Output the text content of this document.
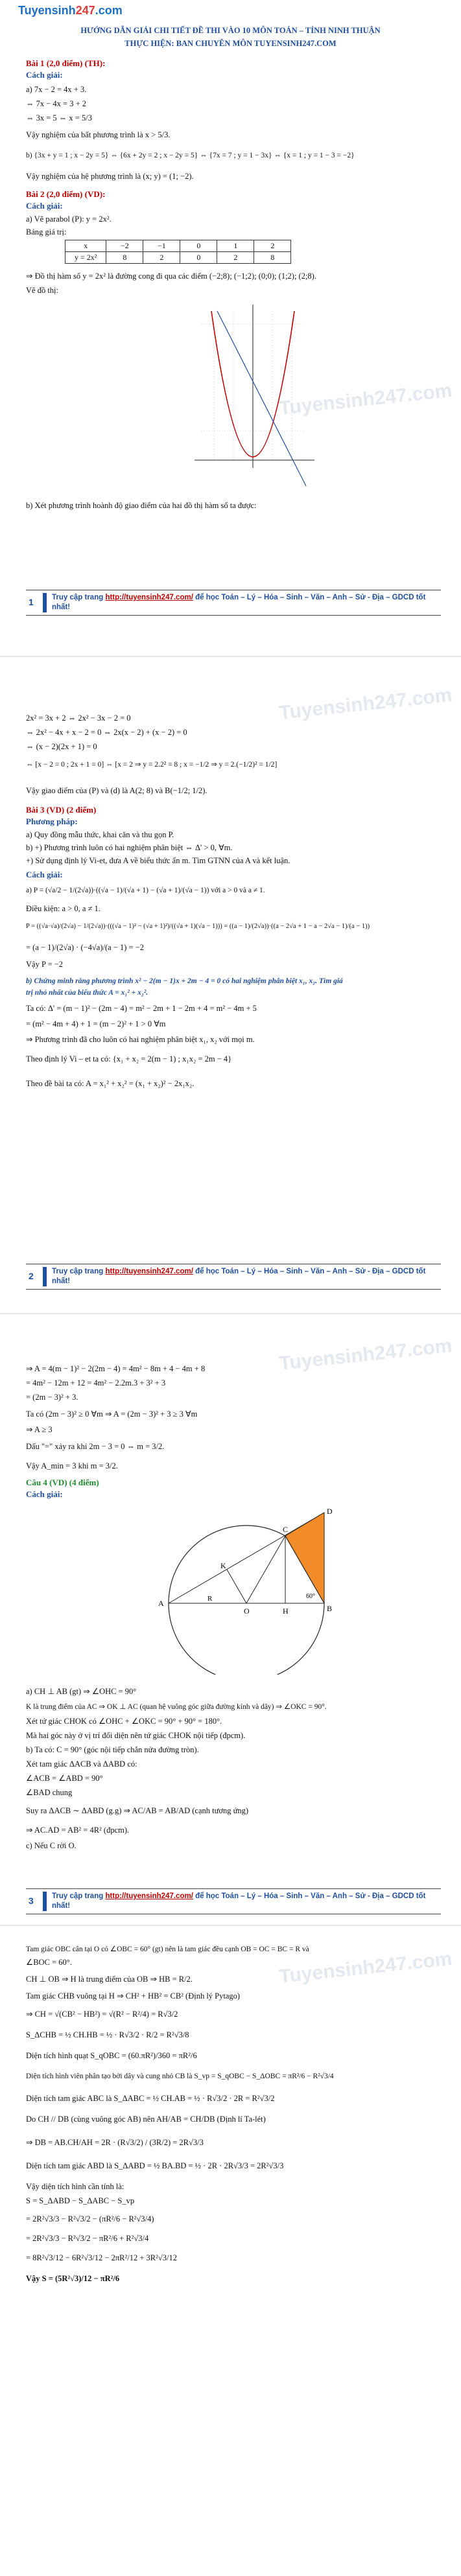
Tuyensinh247.com
Tuyensinh247.com
HƯỚNG DẪN GIẢI CHI TIẾT ĐỀ THI VÀO 10 MÔN TOÁN – TỈNH NINH THUẬN
THỰC HIỆN: BAN CHUYÊN MÔN TUYENSINH247.COM
Bài 1 (2,0 điểm) (TH):
Cách giải:
a) 7x − 2 = 4x + 3.
⇔ 7x − 4x = 3 + 2
⇔ 3x = 5 ⇔ x = 5/3
Vậy nghiệm của bất phương trình là x > 5/3.
b) {3x + y = 1 ; x − 2y = 5} ⇔ {6x + 2y = 2 ; x − 2y = 5} ⇔ {7x = 7 ; y = 1 − 3x} ⇔ {x = 1 ; y = 1 − 3 = −2}
Vậy nghiệm của hệ phương trình là (x; y) = (1; −2).
Bài 2 (2,0 điểm) (VD):
Cách giải:
a) Vẽ parabol (P): y = 2x².
Bảng giá trị:
x	−2	−1	0	1	2
y = 2x²	8	2	0	2	8
⇒ Đồ thị hàm số y = 2x² là đường cong đi qua các điểm (−2;8); (−1;2); (0;0); (1;2); (2;8).
Vẽ đồ thị:
b) Xét phương trình hoành độ giao điểm của hai đồ thị hàm số ta được:
1 Truy cập trang http://tuyensinh247.com/ để học Toán – Lý – Hóa – Sinh – Văn – Anh – Sử - Địa – GDCD tốt nhất!
Tuyensinh247.com
2x² = 3x + 2 ⇔ 2x² − 3x − 2 = 0
⇔ 2x² − 4x + x − 2 = 0 ⇔ 2x(x − 2) + (x − 2) = 0
⇔ (x − 2)(2x + 1) = 0
⇔ [x − 2 = 0 ; 2x + 1 = 0] ⇔ [x = 2 ⇒ y = 2.2² = 8 ; x = −1/2 ⇒ y = 2.(−1/2)² = 1/2]
Vậy giao điểm của (P) và (d) là A(2; 8) và B(−1/2; 1/2).
Bài 3 (VD) (2 điểm)
Phương pháp:
a) Quy đồng mẫu thức, khai căn và thu gọn P.
b) +) Phương trình luôn có hai nghiệm phân biệt ⇔ Δ' > 0, ∀m.
+) Sử dụng định lý Vi-et, đưa A về biểu thức ẩn m. Tìm GTNN của A và kết luận.
Cách giải:
a) P = (√a/2 − 1/(2√a))·((√a − 1)/(√a + 1) − (√a + 1)/(√a − 1)) với a > 0 và a ≠ 1.
Điều kiện: a > 0, a ≠ 1.
P = ((√a·√a)/(2√a) − 1/(2√a))·(((√a − 1)² − (√a + 1)²)/((√a + 1)(√a − 1))) = ((a − 1)/(2√a))·((a − 2√a + 1 − a − 2√a − 1)/(a − 1))
= (a − 1)/(2√a) · (−4√a)/(a − 1) = −2
Vậy P = −2
b) Chứng minh rằng phương trình x² − 2(m − 1)x + 2m − 4 = 0 có hai nghiệm phân biệt x₁, x₂. Tìm giá
trị nhỏ nhất của biểu thức A = x₁² + x₂².
Ta có: Δ' = (m − 1)² − (2m − 4) = m² − 2m + 1 − 2m + 4 = m² − 4m + 5
= (m² − 4m + 4) + 1 = (m − 2)² + 1 > 0 ∀m
⇒ Phương trình đã cho luôn có hai nghiệm phân biệt x₁, x₂ với mọi m.
Theo định lý Vi – et ta có: {x₁ + x₂ = 2(m − 1) ; x₁x₂ = 2m − 4}
Theo đề bài ta có: A = x₁² + x₂² = (x₁ + x₂)² − 2x₁x₂.
2 Truy cập trang http://tuyensinh247.com/ để học Toán – Lý – Hóa – Sinh – Văn – Anh – Sử - Địa – GDCD tốt nhất!
Tuyensinh247.com
⇒ A = 4(m − 1)² − 2(2m − 4) = 4m² − 8m + 4 − 4m + 8
= 4m² − 12m + 12 = 4m² − 2.2m.3 + 3² + 3
= (2m − 3)² + 3.
Ta có (2m − 3)² ≥ 0 ∀m ⇒ A = (2m − 3)² + 3 ≥ 3 ∀m
⇒ A ≥ 3
Dấu "=" xảy ra khi 2m − 3 = 0 ⇔ m = 3/2.
Vậy A_min = 3 khi m = 3/2.
Câu 4 (VD) (4 điểm)
Cách giải:
A
B
C
D
H
O
K
R	60°
a) CH ⊥ AB (gt) ⇒ ∠OHC = 90°
K là trung điểm của AC ⇒ OK ⊥ AC (quan hệ vuông góc giữa đường kính và dây) ⇒ ∠OKC = 90°.
Xét tứ giác CHOK có ∠OHC + ∠OKC = 90° + 90° = 180°.
Mà hai góc này ở vị trí đối diện nên tứ giác CHOK nội tiếp (đpcm).
b) Ta có: C = 90° (góc nội tiếp chắn nửa đường tròn).
Xét tam giác ΔACB và ΔABD có:
∠ACB = ∠ABD = 90°
∠BAD chung
Suy ra ΔACB ∼ ΔABD (g.g) ⇒ AC/AB = AB/AD (cạnh tương ứng)
⇒ AC.AD = AB² = 4R² (đpcm).
c) Nếu C rời O.
3 Truy cập trang http://tuyensinh247.com/ để học Toán – Lý – Hóa – Sinh – Văn – Anh – Sử - Địa – GDCD tốt nhất!
Tuyensinh247.com
Tam giác OBC cân tại O có ∠OBC = 60° (gt) nên là tam giác đều cạnh OB = OC = BC = R và
∠BOC = 60°.
CH ⊥ OB ⇒ H là trung điểm của OB ⇒ HB = R/2.
Tam giác CHB vuông tại H ⇒ CH² + HB² = CB² (Định lý Pytago)
⇒ CH = √(CB² − HB²) = √(R² − R²/4) = R√3/2
S_ΔCHB = ½ CH.HB = ½ · R√3/2 · R/2 = R²√3/8
Diện tích hình quạt S_qOBC = (60.πR²)/360 = πR²/6
Diện tích hình viên phân tạo bởi dây và cung nhỏ CB là S_vp = S_qOBC − S_ΔOBC = πR²/6 − R²√3/4
Diện tích tam giác ABC là S_ΔABC = ½ CH.AB = ½ · R√3/2 · 2R = R²√3/2
Do CH // DB (cùng vuông góc AB) nên AH/AB = CH/DB (Định lí Ta-lét)
⇒ DB = AB.CH/AH = 2R · (R√3/2) / (3R/2) = 2R√3/3
Diện tích tam giác ABD là S_ΔABD = ½ BA.BD = ½ · 2R · 2R√3/3 = 2R²√3/3
Vậy diện tích hình cần tính là:
S = S_ΔABD − S_ΔABC − S_vp
= 2R²√3/3 − R²√3/2 − (πR²/6 − R²√3/4)
= 2R²√3/3 − R²√3/2 − πR²/6 + R²√3/4
= 8R²√3/12 − 6R²√3/12 − 2πR²/12 + 3R²√3/12
Vậy S = (5R²√3)/12 − πR²/6
